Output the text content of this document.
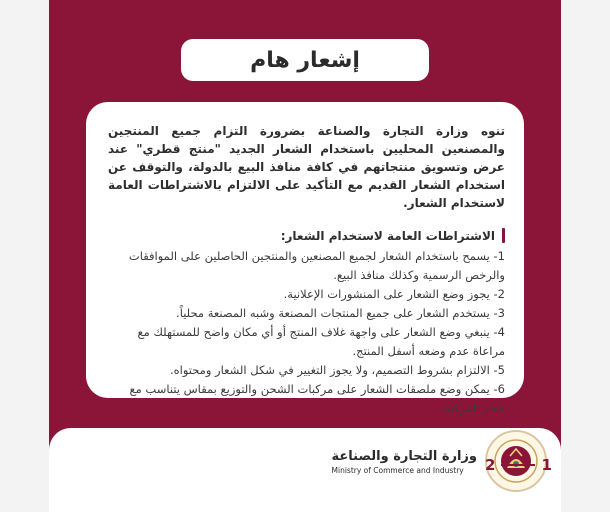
إشعار هام

تنوه وزارة التجارة والصناعة بضرورة التزام جميع المنتجين والمصنعين المحليين باستخدام الشعار الجديد "منتج قطري" عند عرض وتسويق منتجاتهم في كافة منافذ البيع بالدولة، والتوقف عن استخدام الشعار القديم مع التأكيد على الالتزام بالاشتراطات العامة لاستخدام الشعار.

الاشتراطات العامة لاستخدام الشعار:
1- يسمح باستخدام الشعار لجميع المصنعين والمنتجين الحاصلين على الموافقات والرخص الرسمية وكذلك منافذ البيع.
2- يجوز وضع الشعار على المنشورات الإعلانية.
3- يستخدم الشعار على جميع المنتجات المصنعة وشبه المصنعة محلياً.
4- ينبغي وضع الشعار على واجهة غلاف المنتج أو أي مكان واضح للمستهلك مع مراعاة عدم وضعه أسفل المنتج.
5- الالتزام بشروط التصميم، ولا يجوز التغيير في شكل الشعار ومحتواه.
6- يمكن وضع ملصقات الشعار على مركبات الشحن والتوزيع بمقاس يتناسب مع حجم المركبة.
وزارة التجارة والصناعة
Ministry of Commerce and Industry	2	1
